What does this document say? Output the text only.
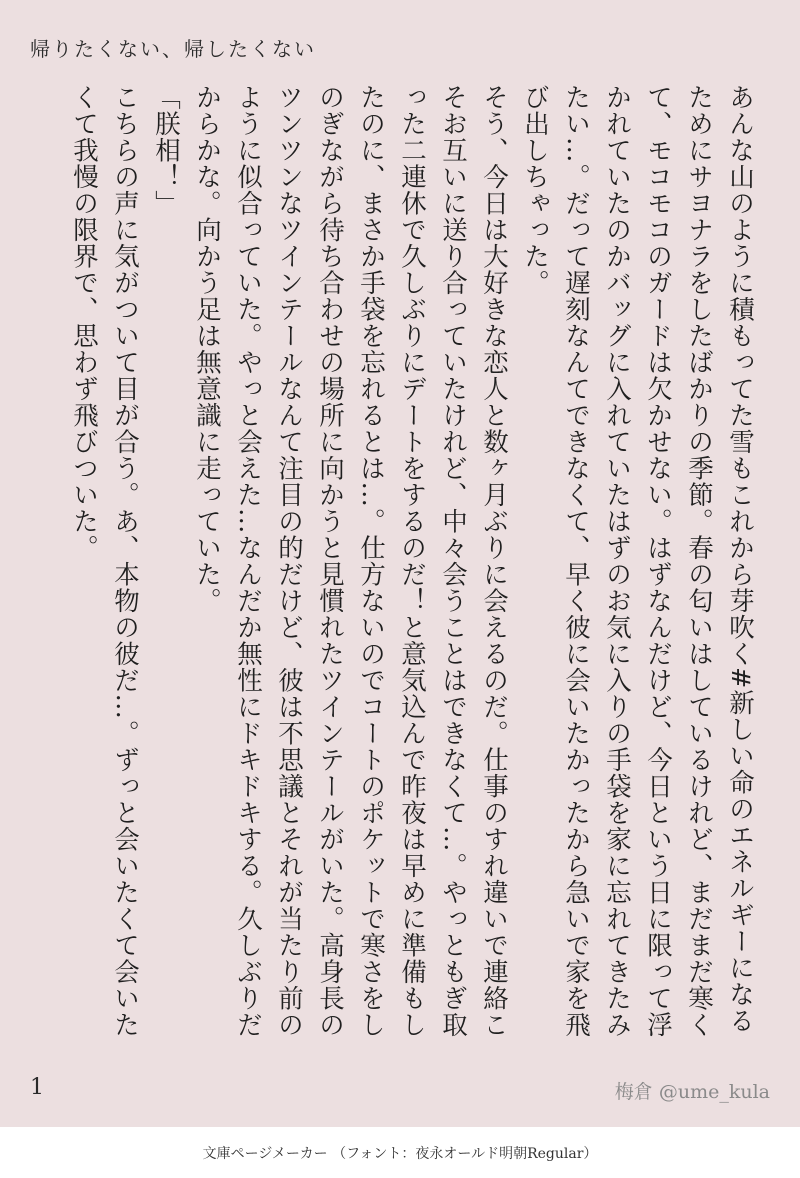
帰りたくない、帰したくない

あんな山のように積もってた雪もこれから芽吹く#新しい命のエネルギーになるためにサヨナラをしたばかりの季節。春の匂いはしているけれど、まだまだ寒くて、モコモコのガードは欠かせない。はずなんだけど、今日という日に限って浮かれていたのかバッグに入れていたはずのお気に入りの手袋を家に忘れてきたみたい…。だって遅刻なんてできなくて、早く彼に会いたかったから急いで家を飛び出しちゃった。

そう、今日は大好きな恋人と数ヶ月ぶりに会えるのだ。仕事のすれ違いで連絡こそお互いに送り合っていたけれど、中々会うことはできなくて…。やっともぎ取った二連休で久しぶりにデートをするのだ！と意気込んで昨夜は早めに準備もしたのに、まさか手袋を忘れるとは…。仕方ないのでコートのポケットで寒さをしのぎながら待ち合わせの場所に向かうと見慣れたツインテールがいた。高身長のツンツンなツインテールなんて注目の的だけど、彼は不思議とそれが当たり前のように似合っていた。やっと会えた…なんだか無性にドキドキする。久しぶりだからかな。向かう足は無意識に走っていた。

「朕相！」

こちらの声に気がついて目が合う。あ、本物の彼だ…。ずっと会いたくて会いたくて我慢の限界で、思わず飛びついた。

1	梅倉 @ume_kula
文庫ページメーカー （フォント：夜永オールド明朝Regular）
